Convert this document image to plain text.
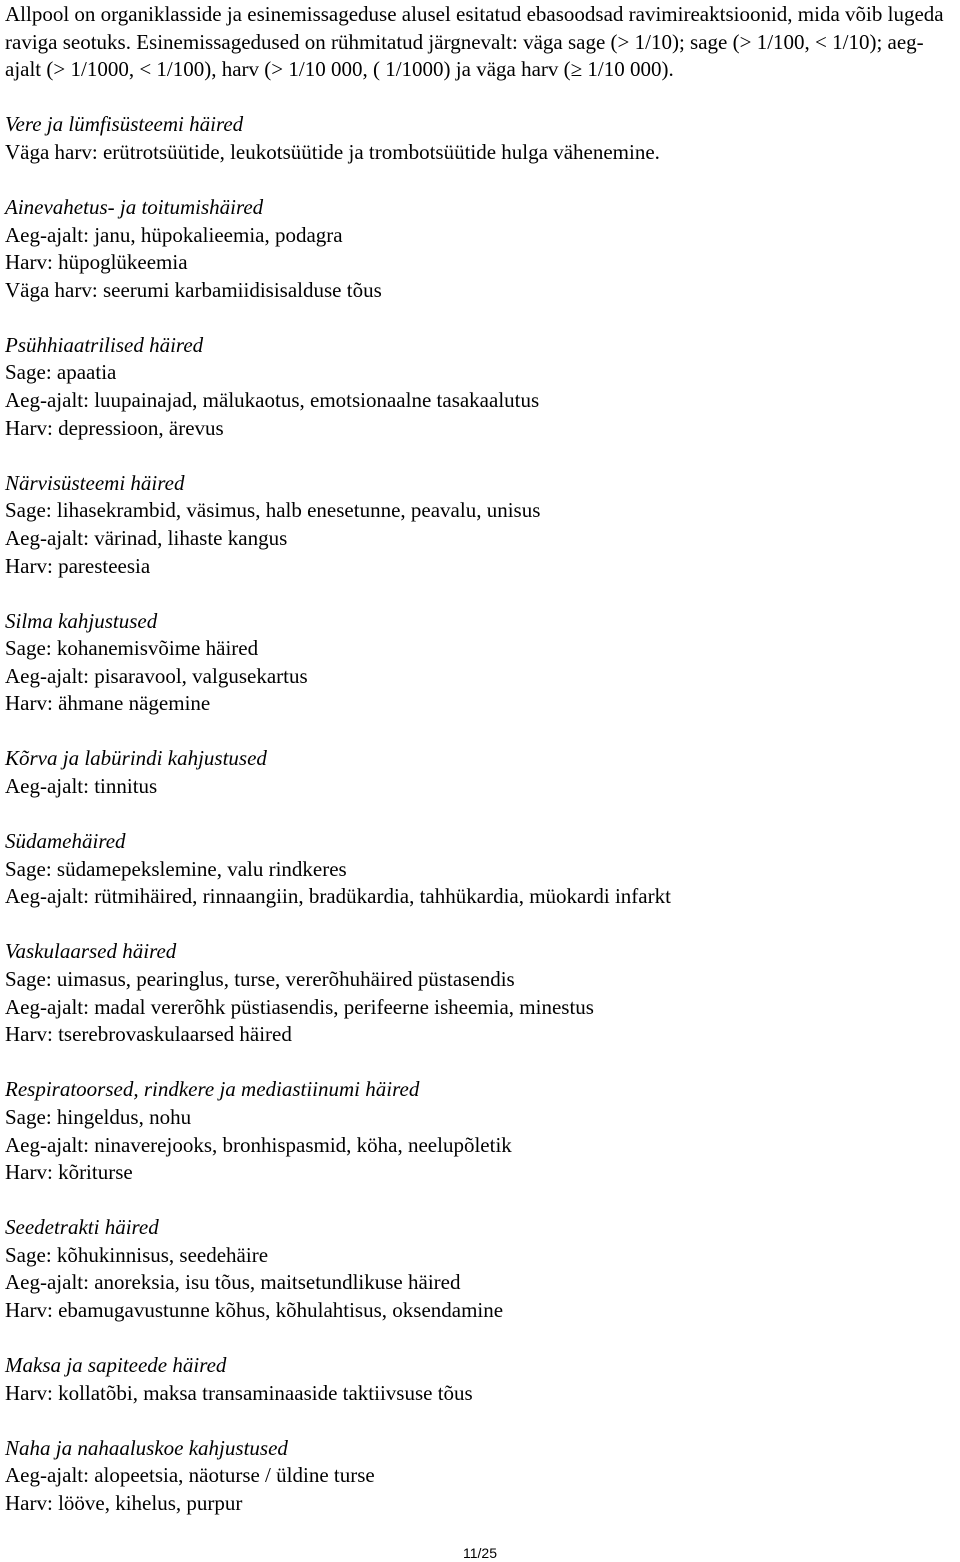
Allpool on organiklasside ja esinemissageduse alusel esitatud ebasoodsad ravimireaktsioonid, mida võib lugeda raviga seotuks. Esinemissagedused on rühmitatud järgnevalt: väga sage (> 1/10); sage (> 1/100, < 1/10); aeg-ajalt (> 1/1000, < 1/100), harv (> 1/10 000, ( 1/1000) ja väga harv (≥ 1/10 000).

Vere ja lümfisüsteemi häired

Väga harv: erütrotsüütide, leukotsüütide ja trombotsüütide hulga vähenemine.

Ainevahetus- ja toitumishäired

Aeg-ajalt: janu, hüpokalieemia, podagra

Harv: hüpoglükeemia

Väga harv: seerumi karbamiidisisalduse tõus

Psühhiaatrilised häired

Sage: apaatia

Aeg-ajalt: luupainajad, mälukaotus, emotsionaalne tasakaalutus

Harv: depressioon, ärevus

Närvisüsteemi häired

Sage: lihasekrambid, väsimus, halb enesetunne, peavalu, unisus

Aeg-ajalt: värinad, lihaste kangus

Harv: paresteesia

Silma kahjustused

Sage: kohanemisvõime häired

Aeg-ajalt: pisaravool, valgusekartus

Harv: ähmane nägemine

Kõrva ja labürindi kahjustused

Aeg-ajalt: tinnitus

Südamehäired

Sage: südamepekslemine, valu rindkeres

Aeg-ajalt: rütmihäired, rinnaangiin, bradükardia, tahhükardia, müokardi infarkt

Vaskulaarsed häired

Sage: uimasus, pearinglus, turse, vererõhuhäired püstasendis

Aeg-ajalt: madal vererõhk püstiasendis, perifeerne isheemia, minestus

Harv: tserebrovaskulaarsed häired

Respiratoorsed, rindkere ja mediastiinumi häired

Sage: hingeldus, nohu

Aeg-ajalt: ninaverejooks, bronhispasmid, köha, neelupõletik

Harv: kõriturse

Seedetrakti häired

Sage: kõhukinnisus, seedehäire

Aeg-ajalt: anoreksia, isu tõus, maitsetundlikuse häired

Harv: ebamugavustunne kõhus, kõhulahtisus, oksendamine

Maksa ja sapiteede häired

Harv: kollatõbi, maksa transaminaaside taktiivsuse tõus

Naha ja nahaaluskoe kahjustused

Aeg-ajalt: alopeetsia, näoturse / üldine turse

Harv: lööve, kihelus, purpur

11/25
